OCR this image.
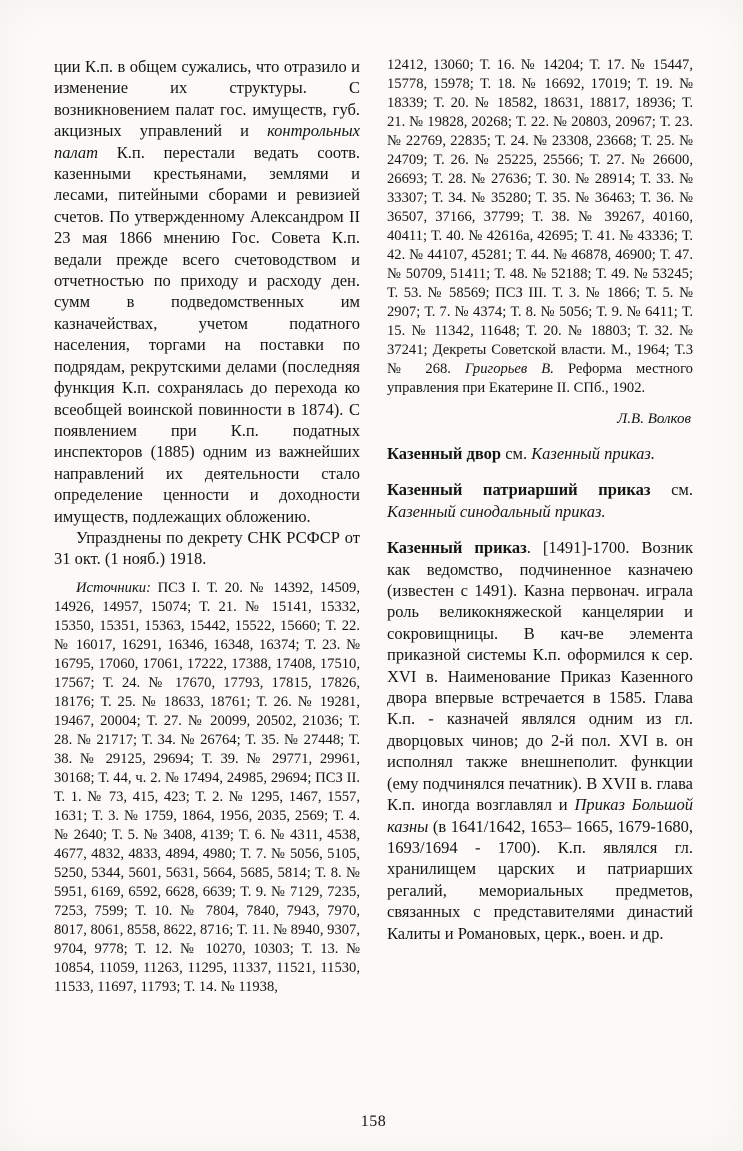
ции К.п. в общем сужались, что отразило и изменение их структуры. С возникновением палат гос. имуществ, губ. акцизных управлений и контрольных палат К.п. перестали ведать соотв. казенными крестьянами, землями и лесами, питейными сборами и ревизией счетов. По утвержденному Александром II 23 мая 1866 мнению Гос. Совета К.п. ведали прежде всего счетоводством и отчетностью по приходу и расходу ден. сумм в подведомственных им казначействах, учетом податного населения, торгами на поставки по подрядам, рекрутскими делами (последняя функция К.п. сохранялась до перехода ко всеобщей воинской повинности в 1874). С появлением при К.п. податных инспекторов (1885) одним из важнейших направлений их деятельности стало определение ценности и доходности имуществ, подлежащих обложению.

Упразднены по декрету СНК РСФСР от 31 окт. (1 нояб.) 1918.

Источники: ПСЗ I. Т. 20. № 14392, 14509, 14926, 14957, 15074; Т. 21. № 15141, 15332, 15350, 15351, 15363, 15442, 15522, 15660; Т. 22. № 16017, 16291, 16346, 16348, 16374; Т. 23. № 16795, 17060, 17061, 17222, 17388, 17408, 17510, 17567; Т. 24. № 17670, 17793, 17815, 17826, 18176; Т. 25. № 18633, 18761; Т. 26. № 19281, 19467, 20004; Т. 27. № 20099, 20502, 21036; Т. 28. № 21717; Т. 34. № 26764; Т. 35. № 27448; Т. 38. № 29125, 29694; Т. 39. № 29771, 29961, 30168; Т. 44, ч. 2. № 17494, 24985, 29694; ПСЗ II. Т. 1. № 73, 415, 423; Т. 2. № 1295, 1467, 1557, 1631; Т. 3. № 1759, 1864, 1956, 2035, 2569; Т. 4. № 2640; Т. 5. № 3408, 4139; Т. 6. № 4311, 4538, 4677, 4832, 4833, 4894, 4980; Т. 7. № 5056, 5105, 5250, 5344, 5601, 5631, 5664, 5685, 5814; Т. 8. № 5951, 6169, 6592, 6628, 6639; Т. 9. № 7129, 7235, 7253, 7599; Т. 10. № 7804, 7840, 7943, 7970, 8017, 8061, 8558, 8622, 8716; Т. 11. № 8940, 9307, 9704, 9778; Т. 12. № 10270, 10303; Т. 13. № 10854, 11059, 11263, 11295, 11337, 11521, 11530, 11533, 11697, 11793; Т. 14. № 11938,

12412, 13060; Т. 16. № 14204; Т. 17. № 15447, 15778, 15978; Т. 18. № 16692, 17019; Т. 19. № 18339; Т. 20. № 18582, 18631, 18817, 18936; Т. 21. № 19828, 20268; Т. 22. № 20803, 20967; Т. 23. № 22769, 22835; Т. 24. № 23308, 23668; Т. 25. № 24709; Т. 26. № 25225, 25566; Т. 27. № 26600, 26693; Т. 28. № 27636; Т. 30. № 28914; Т. 33. № 33307; Т. 34. № 35280; Т. 35. № 36463; Т. 36. № 36507, 37166, 37799; Т. 38. № 39267, 40160, 40411; Т. 40. № 42616а, 42695; Т. 41. № 43336; Т. 42. № 44107, 45281; Т. 44. № 46878, 46900; Т. 47. № 50709, 51411; Т. 48. № 52188; Т. 49. № 53245; Т. 53. № 58569; ПСЗ III. Т. 3. № 1866; Т. 5. № 2907; Т. 7. № 4374; Т. 8. № 5056; Т. 9. № 6411; Т. 15. № 11342, 11648; Т. 20. № 18803; Т. 32. № 37241; Декреты Советской власти. М., 1964; Т.3 № 268. Григорьев В. Реформа местного управления при Екатерине II. СПб., 1902.

Л.В. Волков

Казенный двор см. Казенный приказ.

Казенный патриарший приказ см. Казенный синодальный приказ.

Казенный приказ. [1491]-1700. Возник как ведомство, подчиненное казначею (известен с 1491). Казна первонач. играла роль великокняжеской канцелярии и сокровищницы. В кач-ве элемента приказной системы К.п. оформился к сер. XVI в. Наименование Приказ Казенного двора впервые встречается в 1585. Глава К.п. - казначей являлся одним из гл. дворцовых чинов; до 2-й пол. XVI в. он исполнял также внешнеполит. функции (ему подчинялся печатник). В XVII в. глава К.п. иногда возглавлял и Приказ Большой казны (в 1641/1642, 1653– 1665, 1679-1680, 1693/1694 - 1700). К.п. являлся гл. хранилищем царских и патриарших регалий, мемориальных предметов, связанных с представителями династий Калиты и Романовых, церк., воен. и др.

158
